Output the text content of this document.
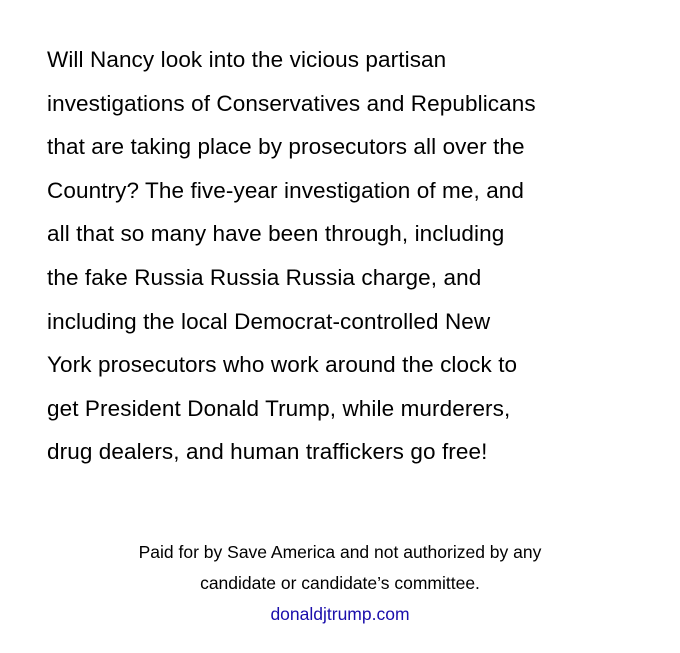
Will Nancy look into the vicious partisan
investigations of Conservatives and Republicans
that are taking place by prosecutors all over the
Country? The five-year investigation of me, and
all that so many have been through, including
the fake Russia Russia Russia charge, and
including the local Democrat-controlled New
York prosecutors who work around the clock to
get President Donald Trump, while murderers,
drug dealers, and human traffickers go free!
Paid for by Save America and not authorized by any
candidate or candidate’s committee.
donaldjtrump.com
